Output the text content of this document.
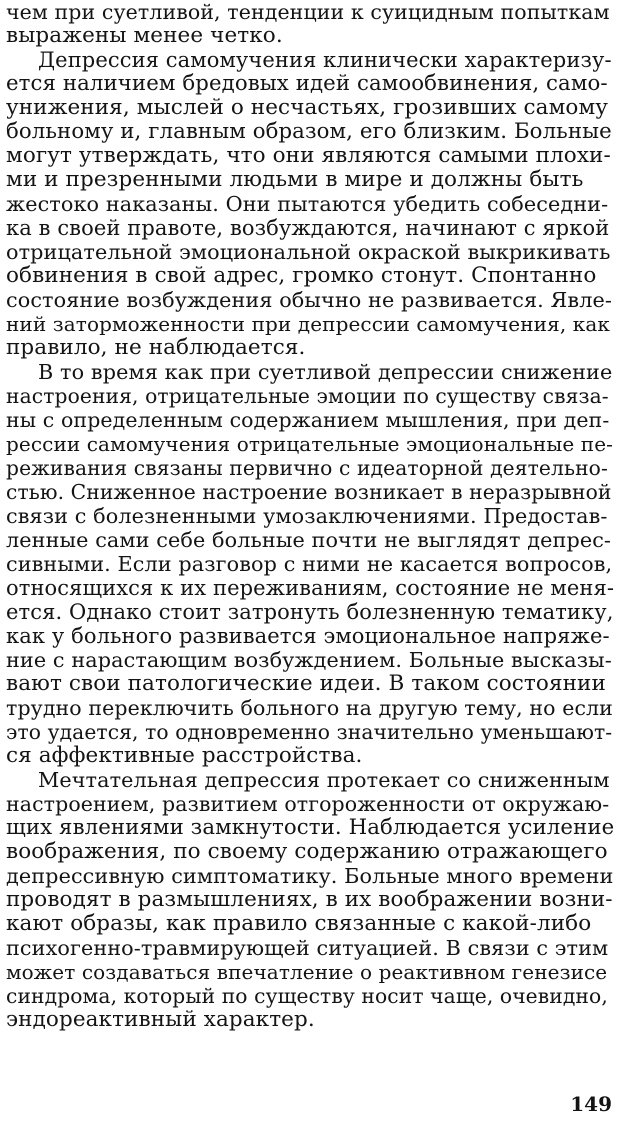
чем при суетливой, тенденции к суицидным попыткам
выражены менее четко.
Депрессия самомучения клинически характеризу-
ется наличием бредовых идей самообвинения, само-
унижения, мыслей о несчастьях, грозивших самому
больному и, главным образом, его близким. Больные
могут утверждать, что они являются самыми плохи-
ми и презренными людьми в мире и должны быть
жестоко наказаны. Они пытаются убедить собеседни-
ка в своей правоте, возбуждаются, начинают с яркой
отрицательной эмоциональной окраской выкрикивать
обвинения в свой адрес, громко стонут. Спонтанно
состояние возбуждения обычно не развивается. Явле-
ний заторможенности при депрессии самомучения, как
правило, не наблюдается.
В то время как при суетливой депрессии снижение
настроения, отрицательные эмоции по существу связа-
ны с определенным содержанием мышления, при деп-
рессии самомучения отрицательные эмоциональные пе-
реживания связаны первично с идеаторной деятельно-
стью. Сниженное настроение возникает в неразрывной
связи с болезненными умозаключениями. Предостав-
ленные сами себе больные почти не выглядят депрес-
сивными. Если разговор с ними не касается вопросов,
относящихся к их переживаниям, состояние не меня-
ется. Однако стоит затронуть болезненную тематику,
как у больного развивается эмоциональное напряже-
ние с нарастающим возбуждением. Больные высказы-
вают свои патологические идеи. В таком состоянии
трудно переключить больного на другую тему, но если
это удается, то одновременно значительно уменьшают-
ся аффективные расстройства.
Мечтательная депрессия протекает со сниженным
настроением, развитием отгороженности от окружаю-
щих явлениями замкнутости. Наблюдается усиление
воображения, по своему содержанию отражающего
депрессивную симптоматику. Больные много времени
проводят в размышлениях, в их воображении возни-
кают образы, как правило связанные с какой-либо
психогенно-травмирующей ситуацией. В связи с этим
может создаваться впечатление о реактивном генезисе
синдрома, который по существу носит чаще, очевидно,
эндореактивный характер.
149
